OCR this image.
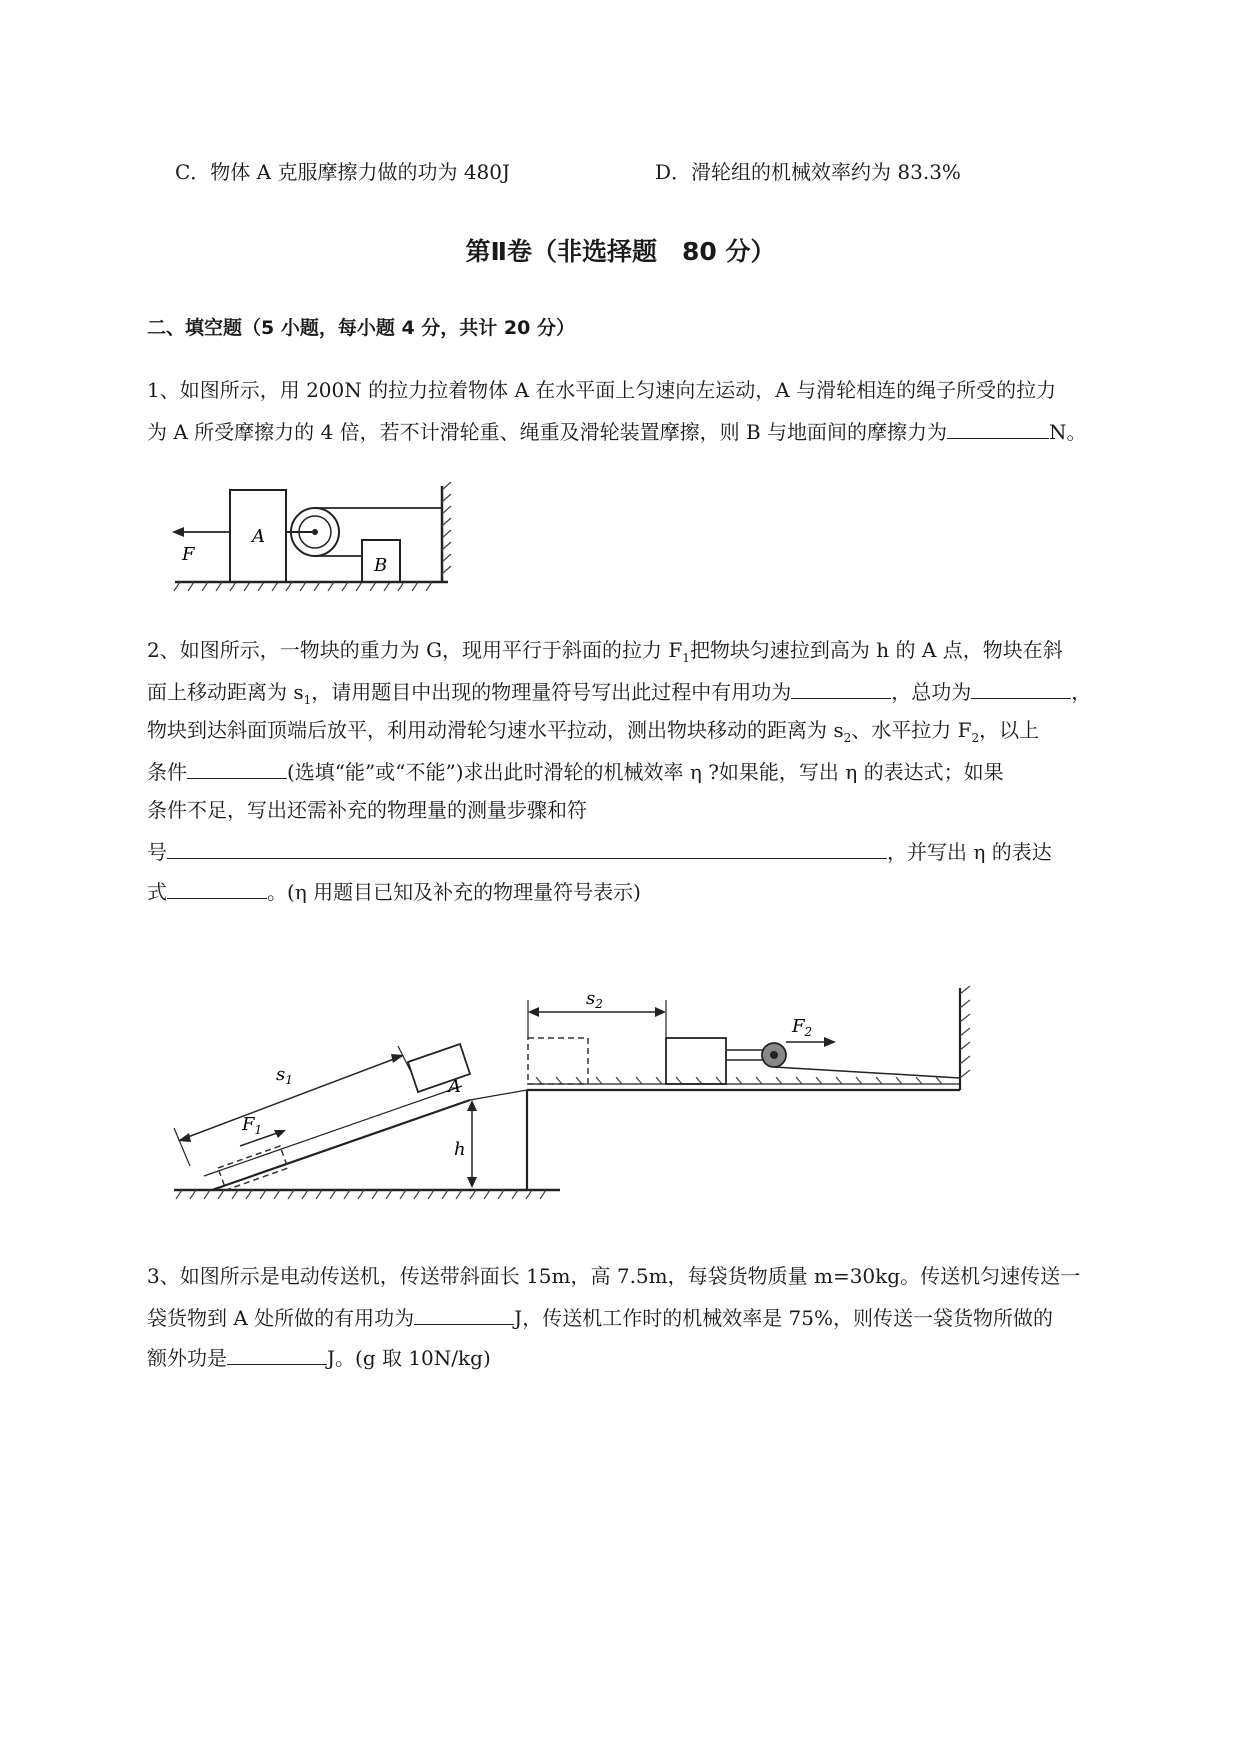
C．物体 A 克服摩擦力做的功为 480J	D．滑轮组的机械效率约为 83.3%
第Ⅱ卷（非选择题　80 分）
二、填空题（5 小题，每小题 4 分，共计 20 分）
1、如图所示，用 200N 的拉力拉着物体 A 在水平面上匀速向左运动，A 与滑轮相连的绳子所受的拉力
为 A 所受摩擦力的 4 倍，若不计滑轮重、绳重及滑轮装置摩擦，则 B 与地面间的摩擦力为	N。
F
A
B
2、如图所示，一物块的重力为 G，现用平行于斜面的拉力 $F_1$把物块匀速拉到高为 h 的 A 点，物块在斜
面上移动距离为 $s_1$，请用题目中出现的物理量符号写出此过程中有用功为	，总功为	，
物块到达斜面顶端后放平，利用动滑轮匀速水平拉动，测出物块移动的距离为 $s_2$、水平拉力 $F_2$，以上
条件	(选填“能”或“不能”)求出此时滑轮的机械效率 η ?如果能，写出 η 的表达式；如果
条件不足，写出还需补充的物理量的测量步骤和符
号	，并写出 η 的表达
式	。(η 用题目已知及补充的物理量符号表示)
h
A
$F_1$
$s_1$
$s_2$
$F_2$
3、如图所示是电动传送机，传送带斜面长 15m，高 7.5m，每袋货物质量 m=30kg。传送机匀速传送一
袋货物到 A 处所做的有用功为	J，传送机工作时的机械效率是 75%，则传送一袋货物所做的
额外功是	J。(g 取 10N/kg)
